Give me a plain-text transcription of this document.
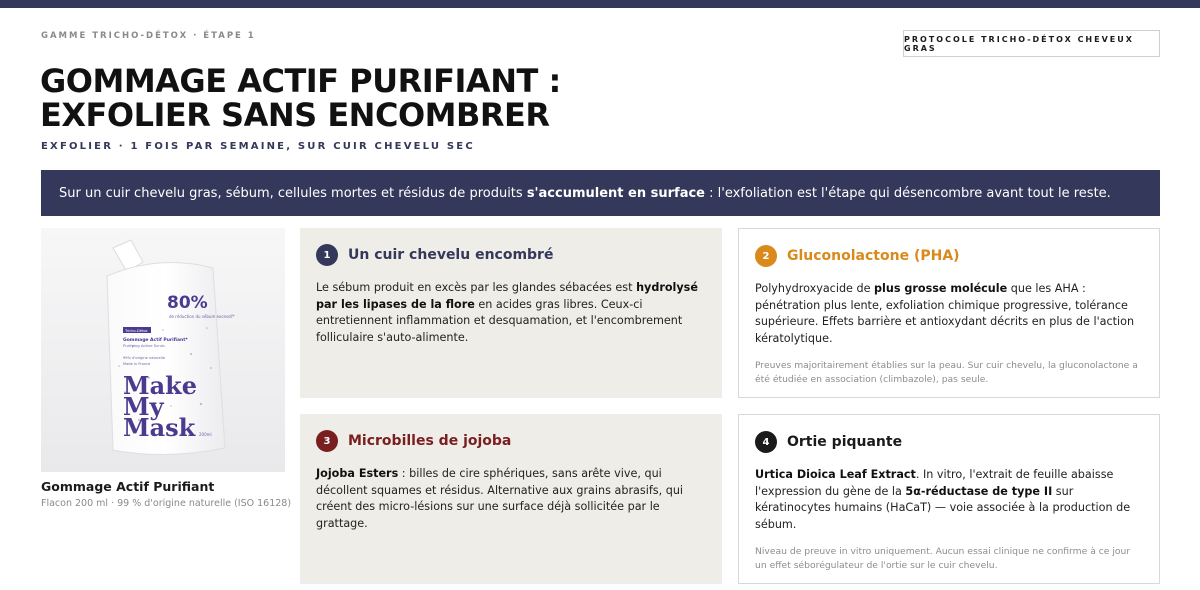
GAMME TRICHO-DÉTOX · ÉTAPE 1	PROTOCOLE TRICHO-DÉTOX CHEVEUX GRAS
GOMMAGE ACTIF PURIFIANT :
EXFOLIER SANS ENCOMBRER
EXFOLIER · 1 FOIS PAR SEMAINE, SUR CUIR CHEVELU SEC
Sur un cuir chevelu gras, sébum, cellules mortes et résidus de produits s'accumulent en surface : l'exfoliation est l'étape qui désencombre avant tout le reste.
80%
de réduction du sébum excessif*
Tricho-Détox
Gommage Actif Purifiant*
Purifying Active Scrub
99% d'origine naturelle
Made in France
Make
My
Mask 200ml
Gommage Actif Purifiant
Flacon 200 ml · 99 % d'origine naturelle (ISO 16128)
1	Un cuir chevelu encombré
Le sébum produit en excès par les glandes sébacées est hydrolysé par les lipases de la flore en acides gras libres. Ceux-ci entretiennent inflammation et desquamation, et l'encombrement folliculaire s'auto-alimente.
2	Gluconolactone (PHA)
Polyhydroxyacide de plus grosse molécule que les AHA : pénétration plus lente, exfoliation chimique progressive, tolérance supérieure. Effets barrière et antioxydant décrits en plus de l'action kératolytique.
Preuves majoritairement établies sur la peau. Sur cuir chevelu, la gluconolactone a été étudiée en association (climbazole), pas seule.
3	Microbilles de jojoba
Jojoba Esters : billes de cire sphériques, sans arête vive, qui décollent squames et résidus. Alternative aux grains abrasifs, qui créent des micro-lésions sur une surface déjà sollicitée par le grattage.
4	Ortie piquante
Urtica Dioica Leaf Extract. In vitro, l'extrait de feuille abaisse l'expression du gène de la 5α-réductase de type II sur kératinocytes humains (HaCaT) — voie associée à la production de sébum.
Niveau de preuve in vitro uniquement. Aucun essai clinique ne confirme à ce jour un effet séborégulateur de l'ortie sur le cuir chevelu.
